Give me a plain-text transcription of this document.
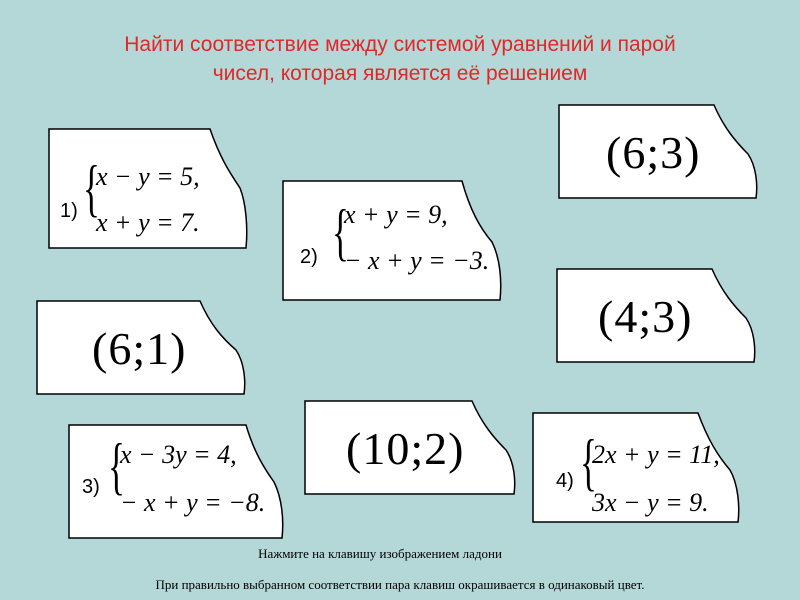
Найти соответствие между системой уравнений и парой
чисел, которая является её решением
1) {
x − y = 5,
x + y = 7.
2) {
x + y = 9,
− x + y = −3.
3) {
x − 3y = 4,
− x + y = −8.
4) {
2x + y = 11,
3x − y = 9.
(6;3)
(4;3)
(6;1)
(10;2)
Нажмите на клавишу изображением ладони
При правильно выбранном соответствии пара клавиш окрашивается в одинаковый цвет.
